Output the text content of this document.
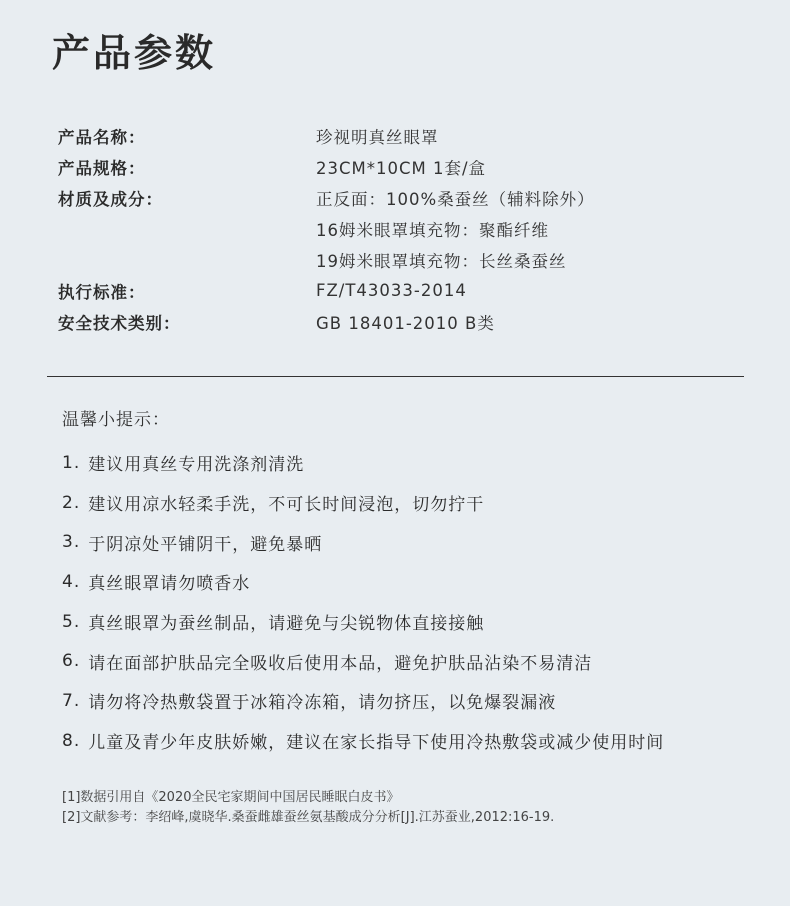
产品参数
产品名称：	珍视明真丝眼罩
产品规格：	23CM*10CM 1套/盒
材质及成分：	正反面：100%桑蚕丝（辅料除外）
16姆米眼罩填充物：聚酯纤维
19姆米眼罩填充物：长丝桑蚕丝
执行标准：	FZ/T43033-2014
安全技术类别：	GB 18401-2010 B类
温馨小提示：
1. 建议用真丝专用洗涤剂清洗
2. 建议用凉水轻柔手洗，不可长时间浸泡，切勿拧干
3. 于阴凉处平铺阴干，避免暴晒
4. 真丝眼罩请勿喷香水
5. 真丝眼罩为蚕丝制品，请避免与尖锐物体直接接触
6. 请在面部护肤品完全吸收后使用本品，避免护肤品沾染不易清洁
7. 请勿将冷热敷袋置于冰箱冷冻箱，请勿挤压，以免爆裂漏液
8. 儿童及青少年皮肤娇嫩，建议在家长指导下使用冷热敷袋或减少使用时间
[1]数据引用自《2020全民宅家期间中国居民睡眠白皮书》
[2]文献参考：李绍峰,虞晓华.桑蚕雌雄蚕丝氨基酸成分分析[J].江苏蚕业,2012:16-19.
